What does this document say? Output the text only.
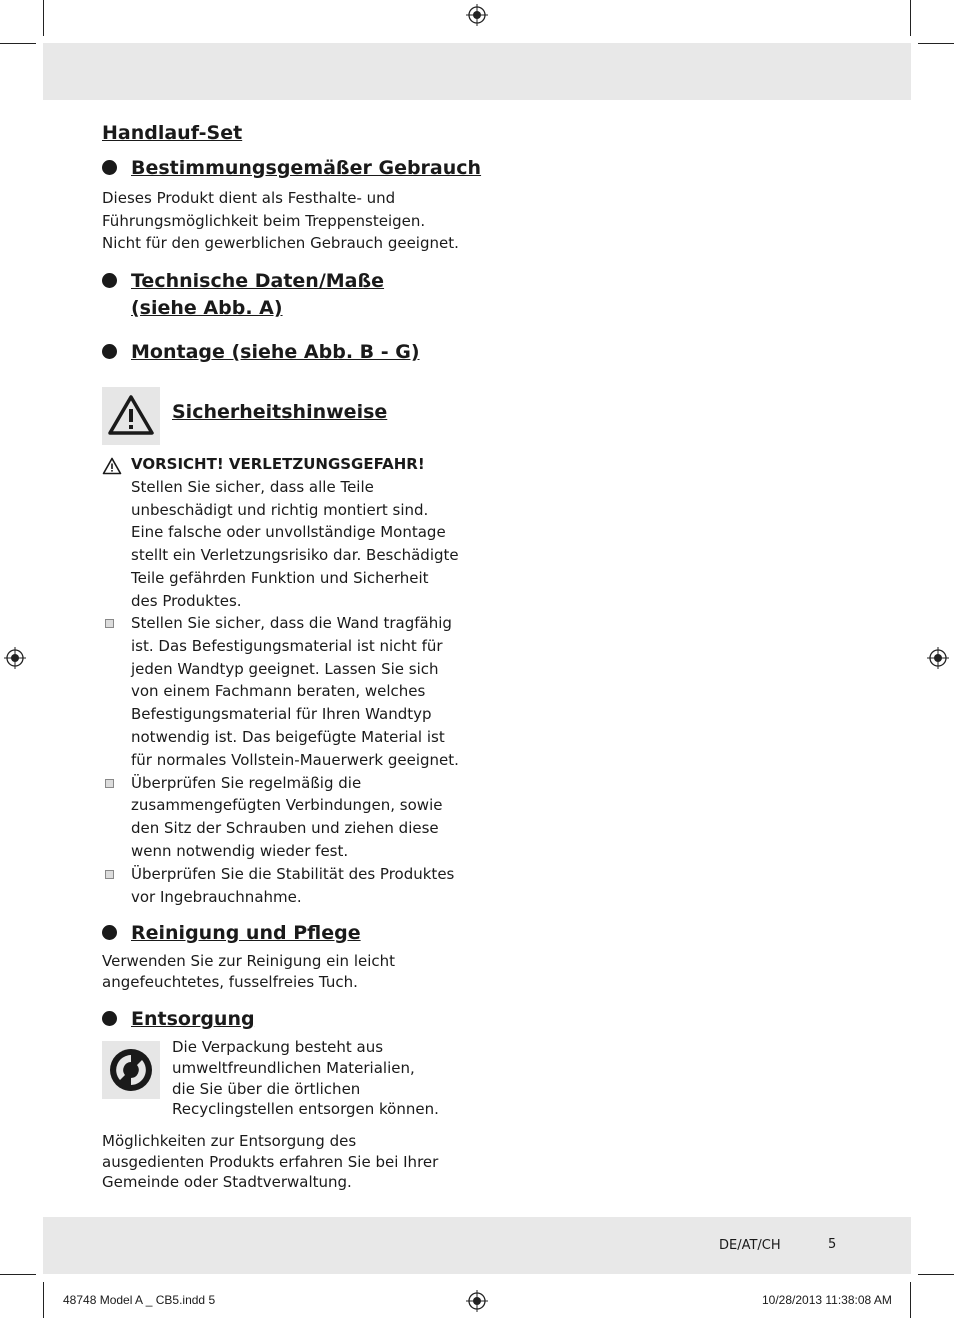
Handlauf-Set
Bestimmungsgemäßer Gebrauch

Dieses Produkt dient als Festhalte- und
Führungsmöglichkeit beim Treppensteigen.
Nicht für den gewerblichen Gebrauch geeignet.

Technische Daten/Maße
(siehe Abb. A)
Montage (siehe Abb. B - G)
Sicherheitshinweise
VORSICHT! VERLETZUNGSGEFAHR!
Stellen Sie sicher, dass alle Teile
unbeschädigt und richtig montiert sind.
Eine falsche oder unvollständige Montage
stellt ein Verletzungsrisiko dar. Beschädigte
Teile gefährden Funktion und Sicherheit
des Produktes.
Stellen Sie sicher, dass die Wand tragfähig
ist. Das Befestigungsmaterial ist nicht für
jeden Wandtyp geeignet. Lassen Sie sich
von einem Fachmann beraten, welches
Befestigungsmaterial für Ihren Wandtyp
notwendig ist. Das beigefügte Material ist
für normales Vollstein-Mauerwerk geeignet.
Überprüfen Sie regelmäßig die
zusammengefügten Verbindungen, sowie
den Sitz der Schrauben und ziehen diese
wenn notwendig wieder fest.
Überprüfen Sie die Stabilität des Produktes
vor Ingebrauchnahme.
Reinigung und Pflege

Verwenden Sie zur Reinigung ein leicht
angefeuchtetes, fusselfreies Tuch.

Entsorgung

Die Verpackung besteht aus
umweltfreundlichen Materialien,
die Sie über die örtlichen
Recyclingstellen entsorgen können.

Möglichkeiten zur Entsorgung des
ausgedienten Produkts erfahren Sie bei Ihrer
Gemeinde oder Stadtverwaltung.

DE/AT/CH	5
48748 Model A _ CB5.indd 5	10/28/2013 11:38:08 AM
